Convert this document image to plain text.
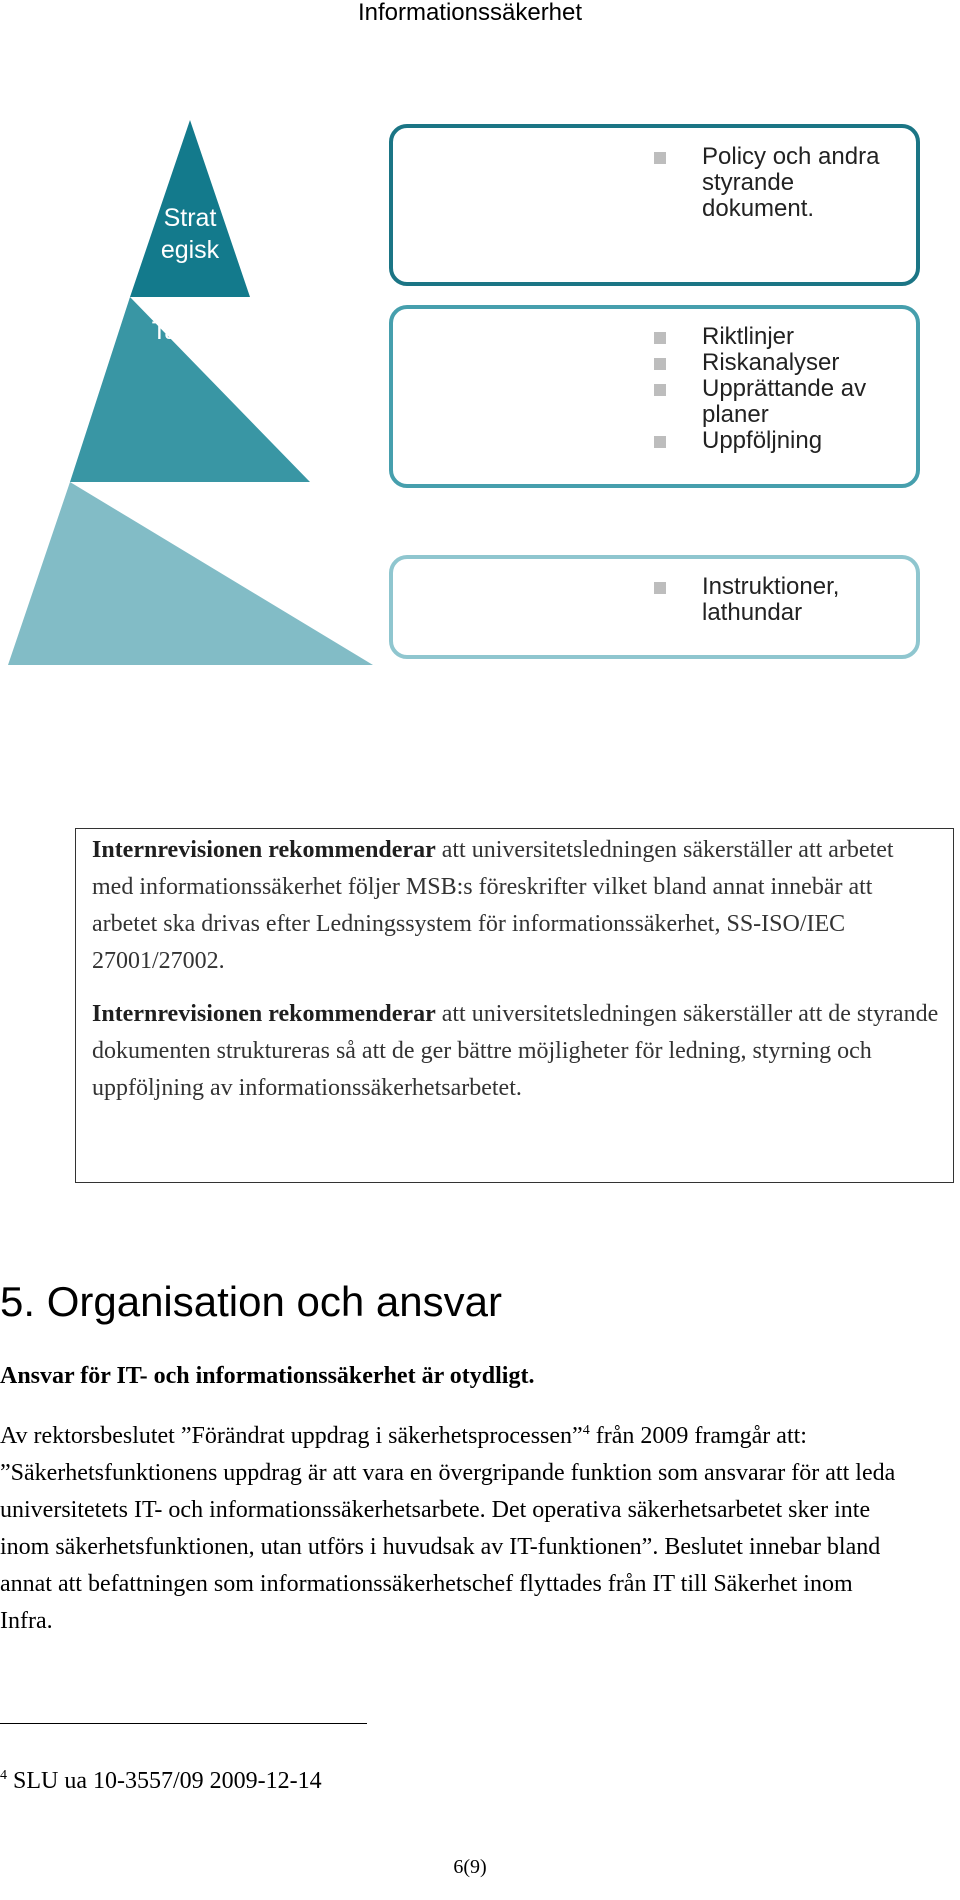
Informationssäkerhet
Strat
egisk
Taktisk
Operativ
Policy och andra styrande dokument.
Riktlinjer
Riskanalyser
Upprättande av planer
Uppföljning
Instruktioner, lathundar

Internrevisionen rekommenderar att universitetsledningen säkerställer att arbetet med informationssäkerhet följer MSB:s föreskrifter vilket bland annat innebär att arbetet ska drivas efter Ledningssystem för informationssäkerhet, SS-ISO/IEC 27001/27002.

Internrevisionen rekommenderar att universitetsledningen säkerställer att de styrande dokumenten struktureras så att de ger bättre möjligheter för ledning, styrning och uppföljning av informationssäkerhetsarbetet.

5. Organisation och ansvar
Ansvar för IT- och informationssäkerhet är otydligt.

Av rektorsbeslutet ”Förändrat uppdrag i säkerhetsprocessen”$^4$ från 2009 framgår att: ”Säkerhetsfunktionens uppdrag är att vara en övergripande funktion som ansvarar för att leda universitetets IT- och informationssäkerhetsarbete. Det operativa säkerhetsarbetet sker inte inom säkerhetsfunktionen, utan utförs i huvudsak av IT-funktionen”. Beslutet innebar bland annat att befattningen som informationssäkerhetschef flyttades från IT till Säkerhet inom Infra.

$^4$ SLU ua 10-3557/09 2009-12-14
6(9)
